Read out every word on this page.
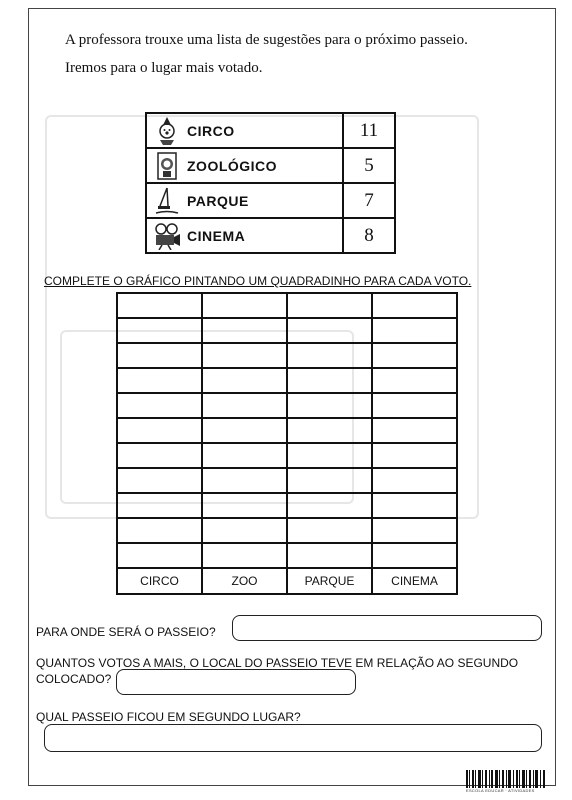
A professora trouxe uma lista de sugestões para o próximo passeio.
Iremos para o lugar mais votado.
CIRCO	11

ZOOLÓGICO	5

PARQUE	7

CINEMA	8
COMPLETE O GRÁFICO PINTANDO UM QUADRADINHO PARA CADA VOTO.

CIRCO	ZOO	PARQUE	CINEMA
PARA ONDE SERÁ O PASSEIO?
QUANTOS VOTOS A MAIS, O LOCAL DO PASSEIO TEVE EM RELAÇÃO AO SEGUNDO
COLOCADO?
QUAL PASSEIO FICOU EM SEGUNDO LUGAR?
ESCOLA EDUCAR · ATIVIDADES
